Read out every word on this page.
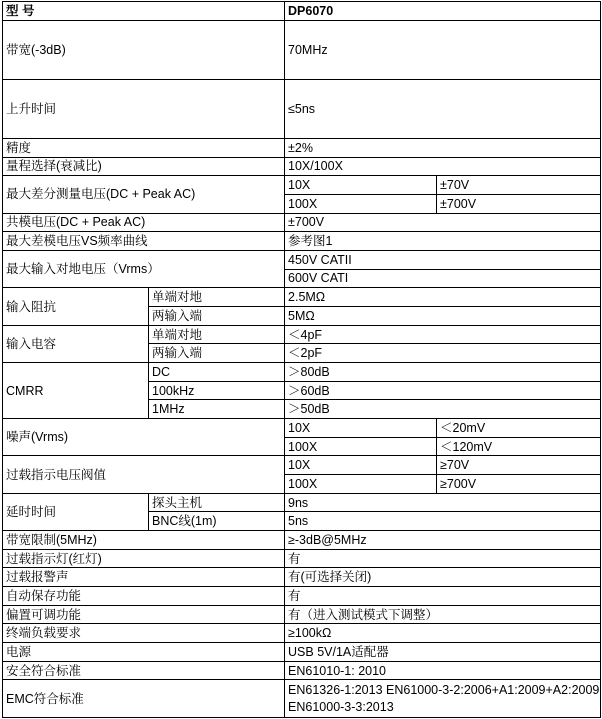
型 号		DP6070	
带宽(-3dB)		70MHz	
上升时间		≤5ns	
精度		±2%	
量程选择(衰减比)		10X/100X	
最大差分测量电压(DC + Peak AC)		10X	±70V
		100X	±700V
共模电压(DC + Peak AC)		±700V	
最大差模电压VS频率曲线		参考图1	
最大输入对地电压（Vrms）		450V CATII	
		600V CATI	
输入阻抗	单端对地	2.5MΩ	
	两输入端	5MΩ	
输入电容	单端对地	＜4pF	
	两输入端	＜2pF	
CMRR	DC	＞80dB	
	100kHz	＞60dB	
	1MHz	＞50dB	
噪声(Vrms)		10X	＜20mV
		100X	＜120mV
过载指示电压阀值		10X	≥70V
		100X	≥700V
延时时间	探头主机	9ns	
	BNC线(1m)	5ns	
带宽限制(5MHz)		≥-3dB@5MHz	
过载指示灯(红灯)		有	
过载报警声		有(可选择关闭)	
自动保存功能		有	
偏置可调功能		有（进入测试模式下调整）	
终端负载要求		≥100kΩ	
电源		USB 5V/1A适配器	
安全符合标准		EN61010-1: 2010	
EMC符合标准		EN61326-1:2013 EN61000-3-2:2006+A1:2009+A2:2009 EN61000-3-3:2013	
